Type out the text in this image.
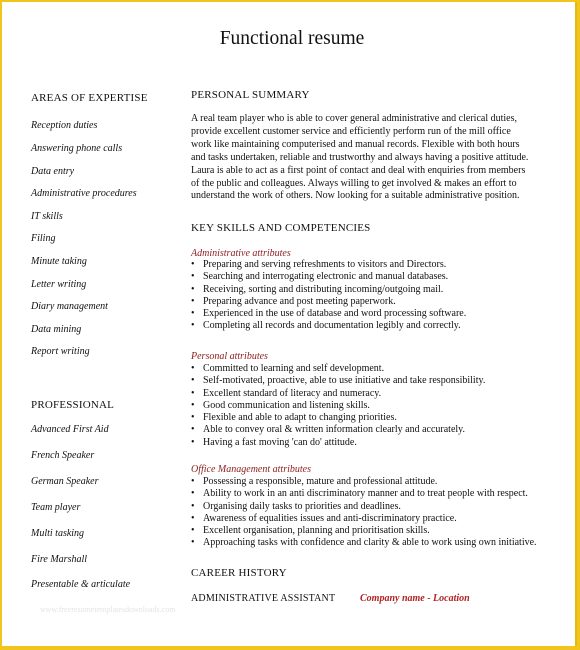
Functional resume
AREAS OF EXPERTISE
Reception duties
Answering phone calls
Data entry
Administrative procedures
IT skills
Filing
Minute taking
Letter writing
Diary management
Data mining
Report writing
PROFESSIONAL
Advanced First Aid
French Speaker
German Speaker
Team player
Multi tasking
Fire Marshall
Presentable & articulate
PERSONAL SUMMARY
A real team player who is able to cover general administrative and clerical duties,
provide excellent customer service and efficiently perform run of the mill office
work like maintaining computerised and manual records. Flexible with both hours
and tasks undertaken, reliable and trustworthy and always having a positive attitude.
Laura is able to act as a first point of contact and deal with enquiries from members
of the public and colleagues. Always willing to get involved & makes an effort to
understand the work of others. Now looking for a suitable administrative position.
KEY SKILLS AND COMPETENCIES
Administrative attributes
• Preparing and serving refreshments to visitors and Directors.
• Searching and interrogating electronic and manual databases.
• Receiving, sorting and distributing incoming/outgoing mail.
• Preparing advance and post meeting paperwork.
• Experienced in the use of database and word processing software.
• Completing all records and documentation legibly and correctly.
Personal attributes
• Committed to learning and self development.
• Self-motivated, proactive, able to use initiative and take responsibility.
• Excellent standard of literacy and numeracy.
• Good communication and listening skills.
• Flexible and able to adapt to changing priorities.
• Able to convey oral & written information clearly and accurately.
• Having a fast moving 'can do' attitude.
Office Management attributes
• Possessing a responsible, mature and professional attitude.
• Ability to work in an anti discriminatory manner and to treat people with respect.
• Organising daily tasks to priorities and deadlines.
• Awareness of equalities issues and anti-discriminatory practice.
• Excellent organisation, planning and prioritisation skills.
• Approaching tasks with confidence and clarity & able to work using own initiative.
CAREER HISTORY
ADMINISTRATIVE ASSISTANT Company name - Location
www.freeresumetemplatesdownloads.com
